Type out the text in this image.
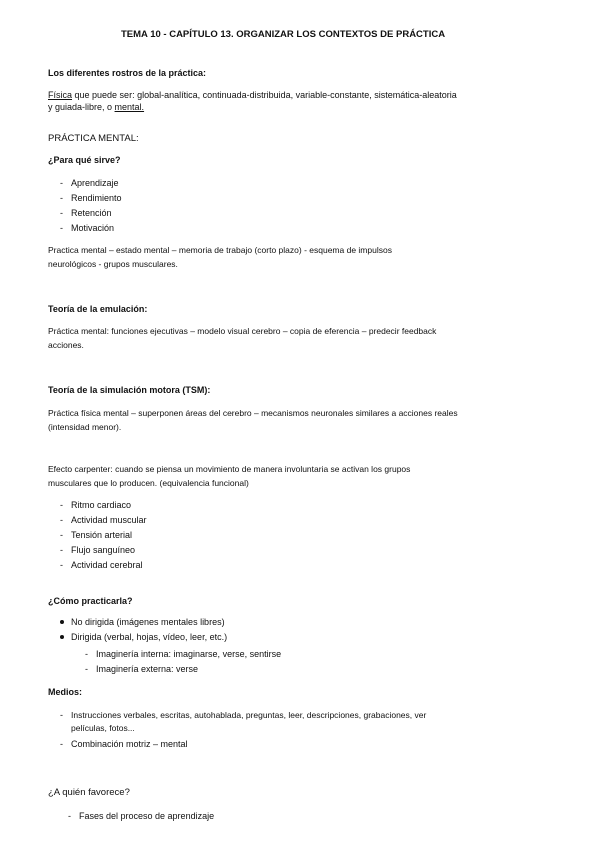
TEMA 10 - CAPÍTULO 13. ORGANIZAR LOS CONTEXTOS DE PRÁCTICA
Los diferentes rostros de la práctica:
Física que puede ser: global-analítica, continuada-distribuida, variable-constante, sistemática-aleatoria
y guiada-libre, o mental.
PRÁCTICA MENTAL:
¿Para qué sirve?
- Aprendizaje
- Rendimiento
- Retención
- Motivación
Practica mental – estado mental – memoria de trabajo (corto plazo) - esquema de impulsos
neurológicos - grupos musculares.
Teoría de la emulación:
Práctica mental: funciones ejecutivas – modelo visual cerebro – copia de eferencia – predecir feedback
acciones.
Teoría de la simulación motora (TSM):
Práctica física mental – superponen áreas del cerebro – mecanismos neuronales similares a acciones reales
(intensidad menor).
Efecto carpenter: cuando se piensa un movimiento de manera involuntaria se activan los grupos
musculares que lo producen. (equivalencia funcional)
- Ritmo cardiaco
- Actividad muscular
- Tensión arterial
- Flujo sanguíneo
- Actividad cerebral
¿Cómo practicarla?
No dirigida (imágenes mentales libres)
Dirigida (verbal, hojas, vídeo, leer, etc.)
- Imaginería interna: imaginarse, verse, sentirse
- Imaginería externa: verse
Medios:
- Instrucciones verbales, escritas, autohablada, preguntas, leer, descripciones, grabaciones, ver
películas, fotos...
- Combinación motriz – mental
¿A quién favorece?
- Fases del proceso de aprendizaje
